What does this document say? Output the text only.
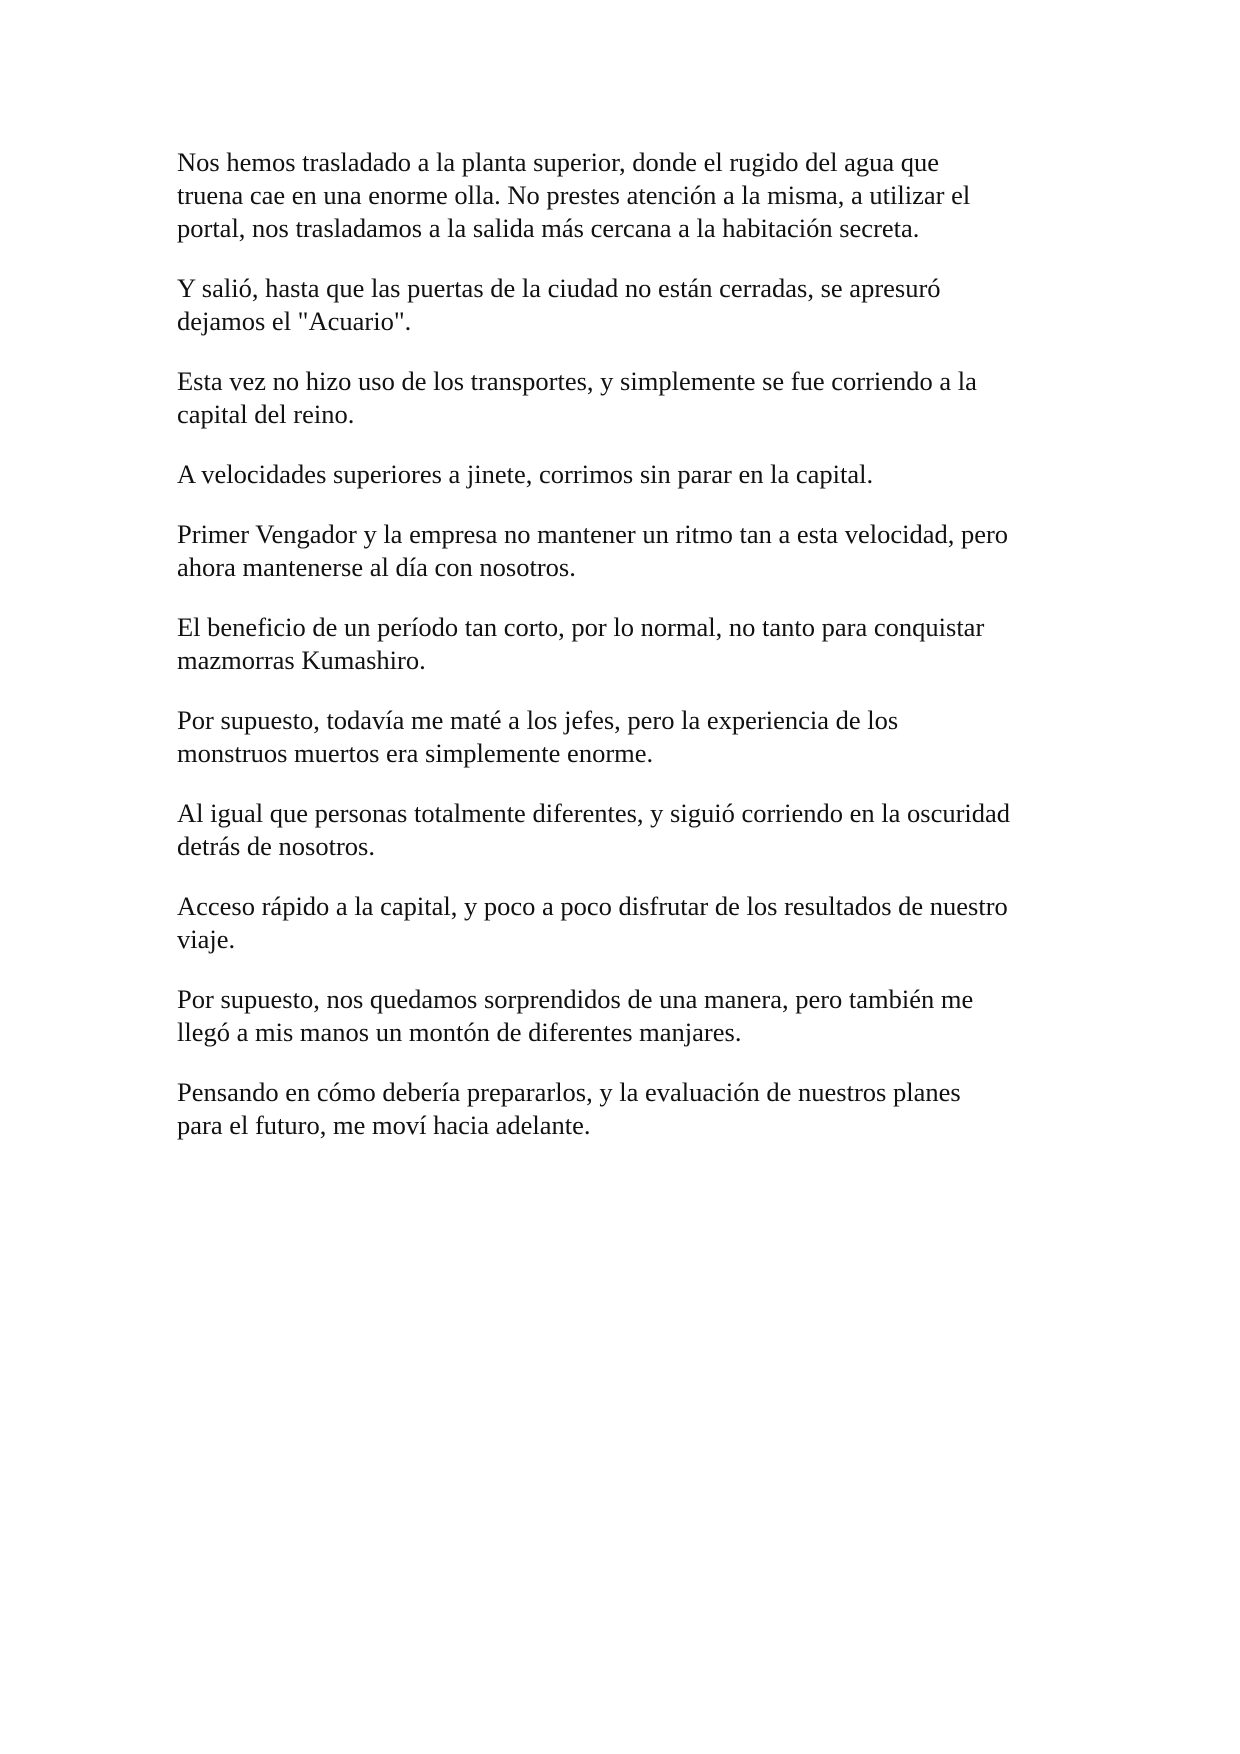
Nos hemos trasladado a la planta superior, donde el rugido del agua que
truena cae en una enorme olla. No prestes atención a la misma, a utilizar el
portal, nos trasladamos a la salida más cercana a la habitación secreta.

Y salió, hasta que las puertas de la ciudad no están cerradas, se apresuró
dejamos el "Acuario".

Esta vez no hizo uso de los transportes, y simplemente se fue corriendo a la
capital del reino.

A velocidades superiores a jinete, corrimos sin parar en la capital.

Primer Vengador y la empresa no mantener un ritmo tan a esta velocidad, pero
ahora mantenerse al día con nosotros.

El beneficio de un período tan corto, por lo normal, no tanto para conquistar
mazmorras Kumashiro.

Por supuesto, todavía me maté a los jefes, pero la experiencia de los
monstruos muertos era simplemente enorme.

Al igual que personas totalmente diferentes, y siguió corriendo en la oscuridad
detrás de nosotros.

Acceso rápido a la capital, y poco a poco disfrutar de los resultados de nuestro
viaje.

Por supuesto, nos quedamos sorprendidos de una manera, pero también me
llegó a mis manos un montón de diferentes manjares.

Pensando en cómo debería prepararlos, y la evaluación de nuestros planes
para el futuro, me moví hacia adelante.
